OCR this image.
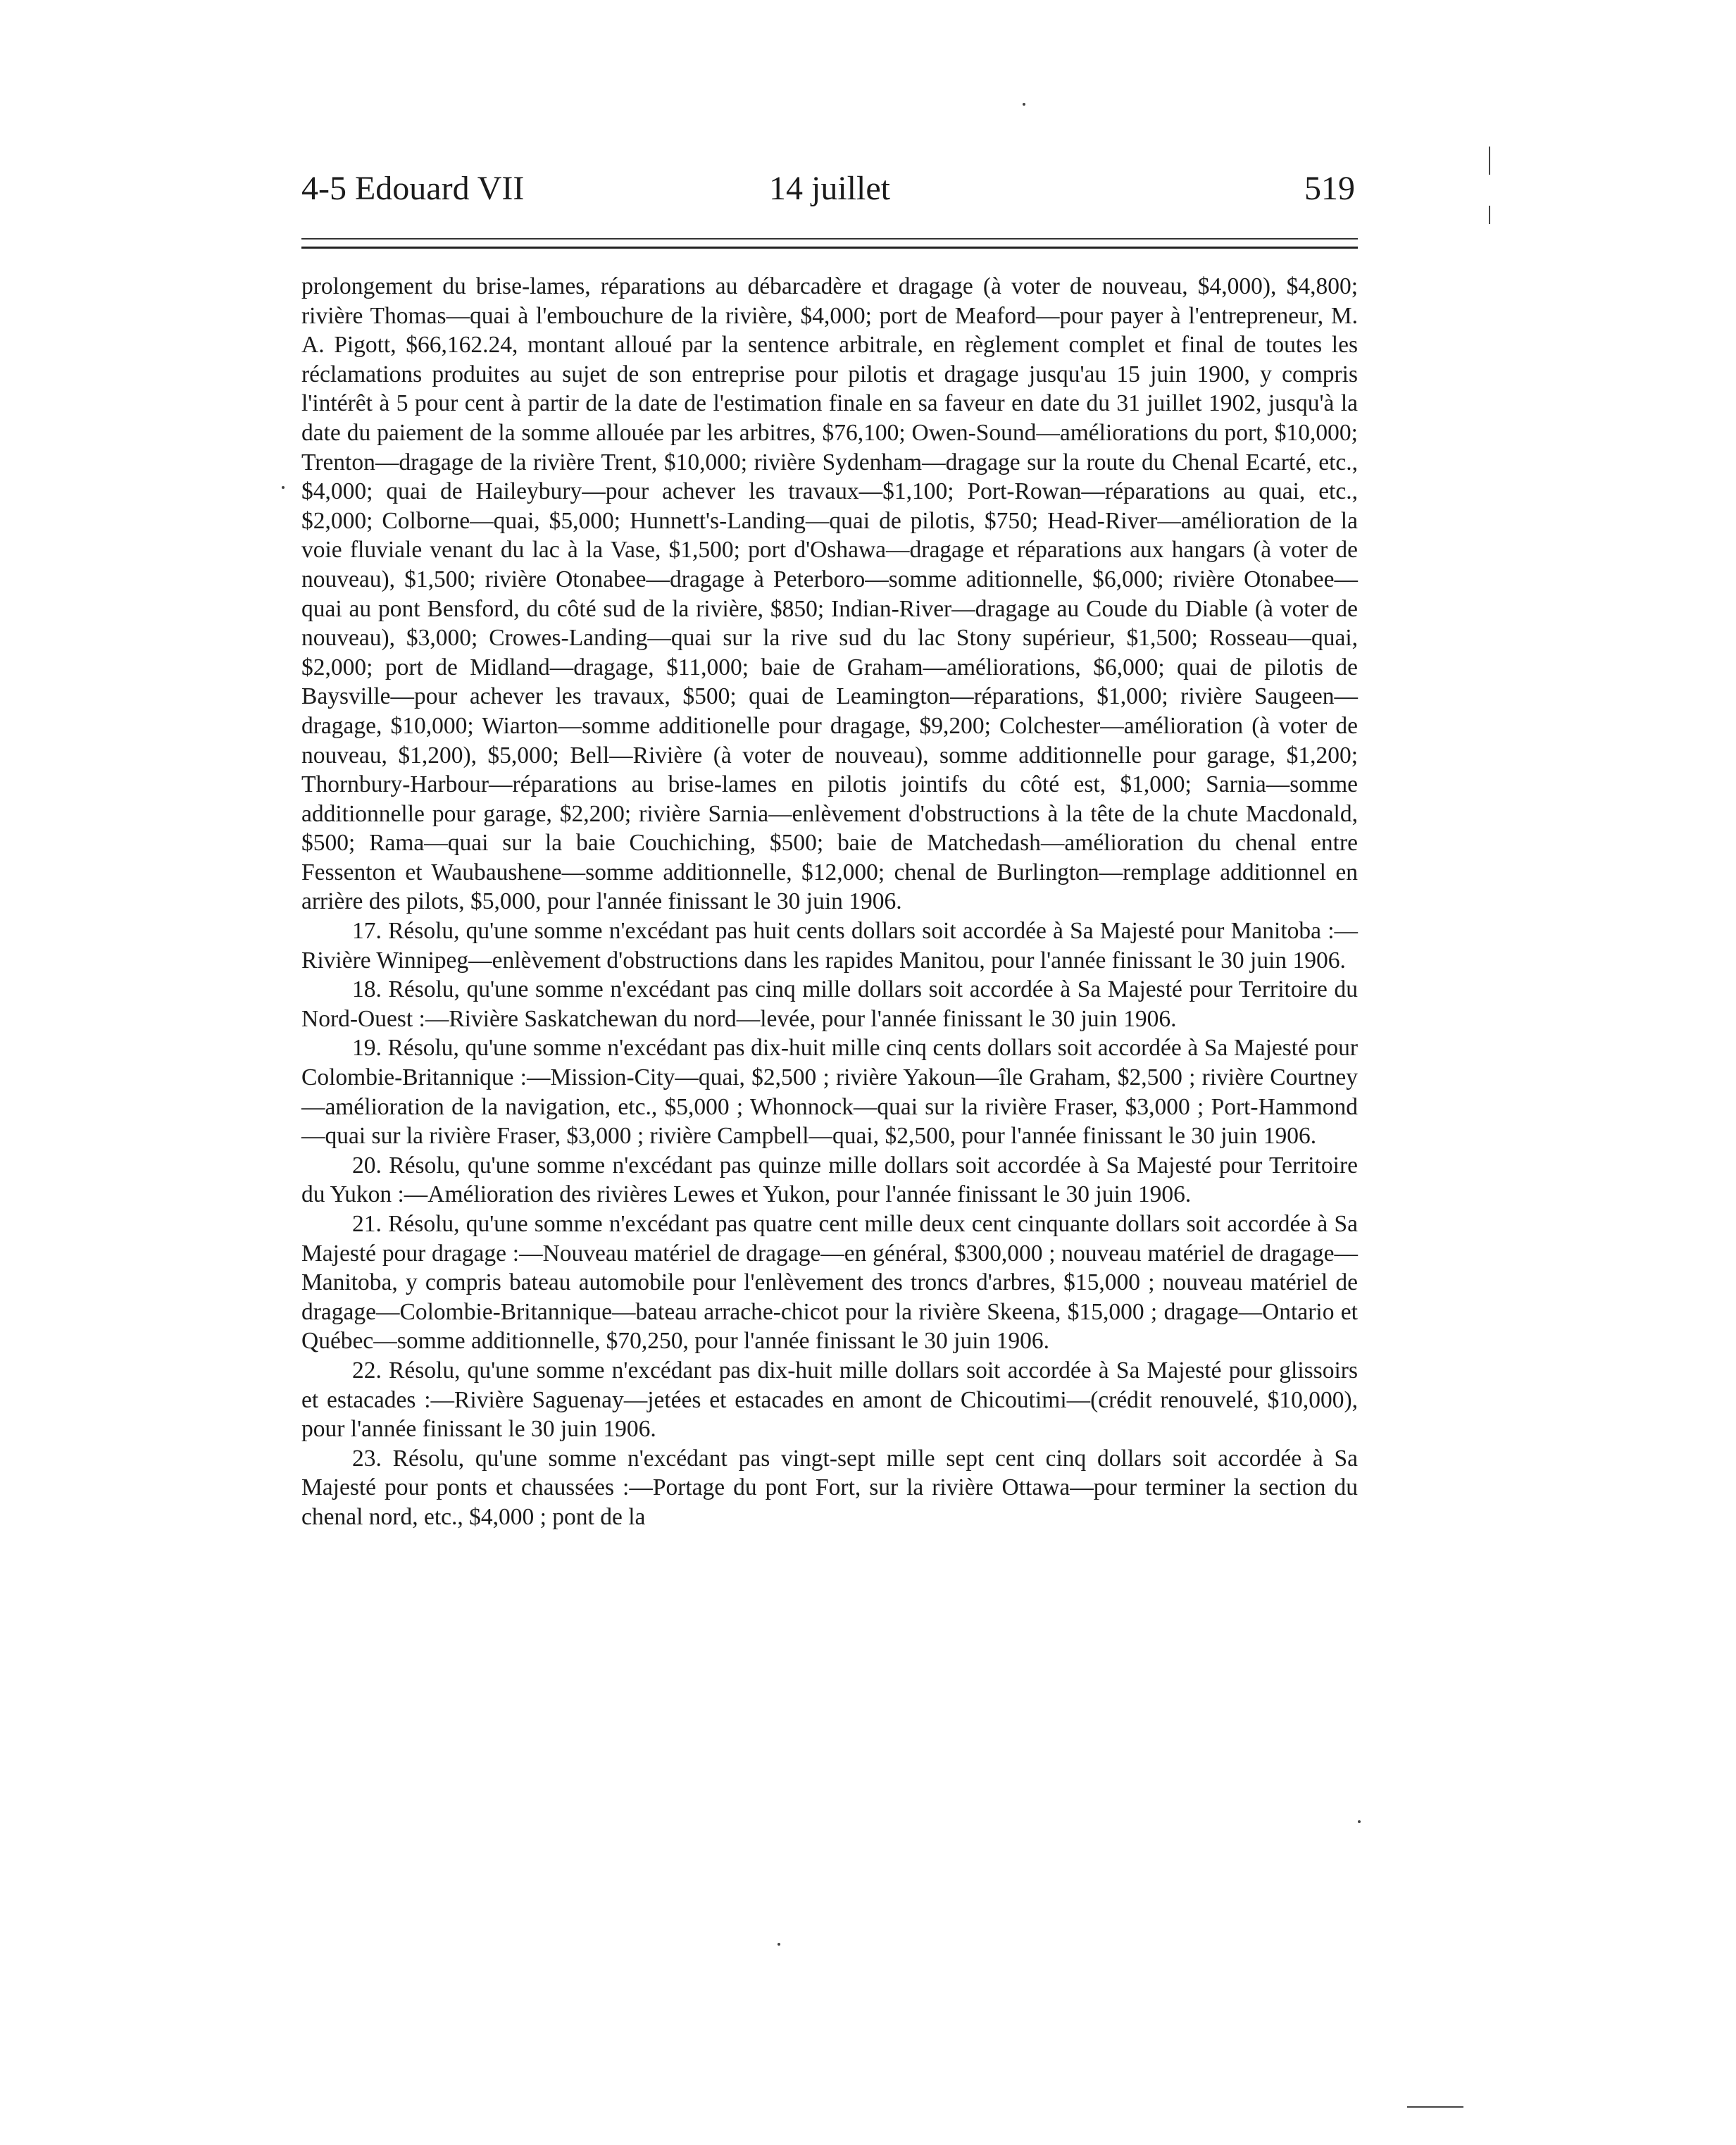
4-5 Edouard VII	14 juillet	519

prolongement du brise-lames, réparations au débarcadère et dragage (à voter de nouveau, $4,000), $4,800; rivière Thomas—quai à l'embouchure de la rivière, $4,000; port de Meaford—pour payer à l'entrepreneur, M. A. Pigott, $66,162.24, montant alloué par la sentence arbitrale, en règlement complet et final de toutes les réclamations produites au sujet de son entreprise pour pilotis et dragage jusqu'au 15 juin 1900, y compris l'intérêt à 5 pour cent à partir de la date de l'estimation finale en sa faveur en date du 31 juillet 1902, jusqu'à la date du paiement de la somme allouée par les arbitres, $76,100; Owen-Sound—améliorations du port, $10,000; Trenton—dragage de la rivière Trent, $10,000; rivière Sydenham—dragage sur la route du Chenal Ecarté, etc., $4,000; quai de Haileybury—pour achever les travaux—$1,100; Port-Rowan—réparations au quai, etc., $2,000; Colborne—quai, $5,000; Hunnett's-Landing—quai de pilotis, $750; Head-River—amélioration de la voie fluviale venant du lac à la Vase, $1,500; port d'Oshawa—dragage et réparations aux hangars (à voter de nouveau), $1,500; rivière Otonabee—dragage à Peterboro—somme aditionnelle, $6,000; rivière Otonabee—quai au pont Bensford, du côté sud de la rivière, $850; Indian-River—dragage au Coude du Diable (à voter de nouveau), $3,000; Crowes-Landing—quai sur la rive sud du lac Stony supérieur, $1,500; Rosseau—quai, $2,000; port de Midland—dragage, $11,000; baie de Graham—améliorations, $6,000; quai de pilotis de Baysville—pour achever les travaux, $500; quai de Leamington—réparations, $1,000; rivière Saugeen—dragage, $10,000; Wiarton—somme additionelle pour dragage, $9,200; Colchester—amélioration (à voter de nouveau, $1,200), $5,000; Bell—Rivière (à voter de nouveau), somme additionnelle pour garage, $1,200; Thornbury-Harbour—réparations au brise-lames en pilotis jointifs du côté est, $1,000; Sarnia—somme additionnelle pour garage, $2,200; rivière Sarnia—enlèvement d'obstructions à la tête de la chute Macdonald, $500; Rama—quai sur la baie Couchiching, $500; baie de Matchedash—amélioration du chenal entre Fessenton et Waubaushene—somme additionnelle, $12,000; chenal de Burlington—remplage additionnel en arrière des pilots, $5,000, pour l'année finissant le 30 juin 1906.

17. Résolu, qu'une somme n'excédant pas huit cents dollars soit accordée à Sa Majesté pour Manitoba :—Rivière Winnipeg—enlèvement d'obstructions dans les rapides Manitou, pour l'année finissant le 30 juin 1906.

18. Résolu, qu'une somme n'excédant pas cinq mille dollars soit accordée à Sa Majesté pour Territoire du Nord-Ouest :—Rivière Saskatchewan du nord—levée, pour l'année finissant le 30 juin 1906.

19. Résolu, qu'une somme n'excédant pas dix-huit mille cinq cents dollars soit accordée à Sa Majesté pour Colombie-Britannique :—Mission-City—quai, $2,500 ; rivière Yakoun—île Graham, $2,500 ; rivière Courtney—amélioration de la navigation, etc., $5,000 ; Whonnock—quai sur la rivière Fraser, $3,000 ; Port-Hammond—quai sur la rivière Fraser, $3,000 ; rivière Campbell—quai, $2,500, pour l'année finissant le 30 juin 1906.

20. Résolu, qu'une somme n'excédant pas quinze mille dollars soit accordée à Sa Majesté pour Territoire du Yukon :—Amélioration des rivières Lewes et Yukon, pour l'année finissant le 30 juin 1906.

21. Résolu, qu'une somme n'excédant pas quatre cent mille deux cent cinquante dollars soit accordée à Sa Majesté pour dragage :—Nouveau matériel de dragage—en général, $300,000 ; nouveau matériel de dragage—Manitoba, y compris bateau automobile pour l'enlèvement des troncs d'arbres, $15,000 ; nouveau matériel de dragage—Colombie-Britannique—bateau arrache-chicot pour la rivière Skeena, $15,000 ; dragage—Ontario et Québec—somme additionnelle, $70,250, pour l'année finissant le 30 juin 1906.

22. Résolu, qu'une somme n'excédant pas dix-huit mille dollars soit accordée à Sa Majesté pour glissoirs et estacades :—Rivière Saguenay—jetées et estacades en amont de Chicoutimi—(crédit renouvelé, $10,000), pour l'année finissant le 30 juin 1906.

23. Résolu, qu'une somme n'excédant pas vingt-sept mille sept cent cinq dollars soit accordée à Sa Majesté pour ponts et chaussées :—Portage du pont Fort, sur la rivière Ottawa—pour terminer la section du chenal nord, etc., $4,000 ; pont de la
